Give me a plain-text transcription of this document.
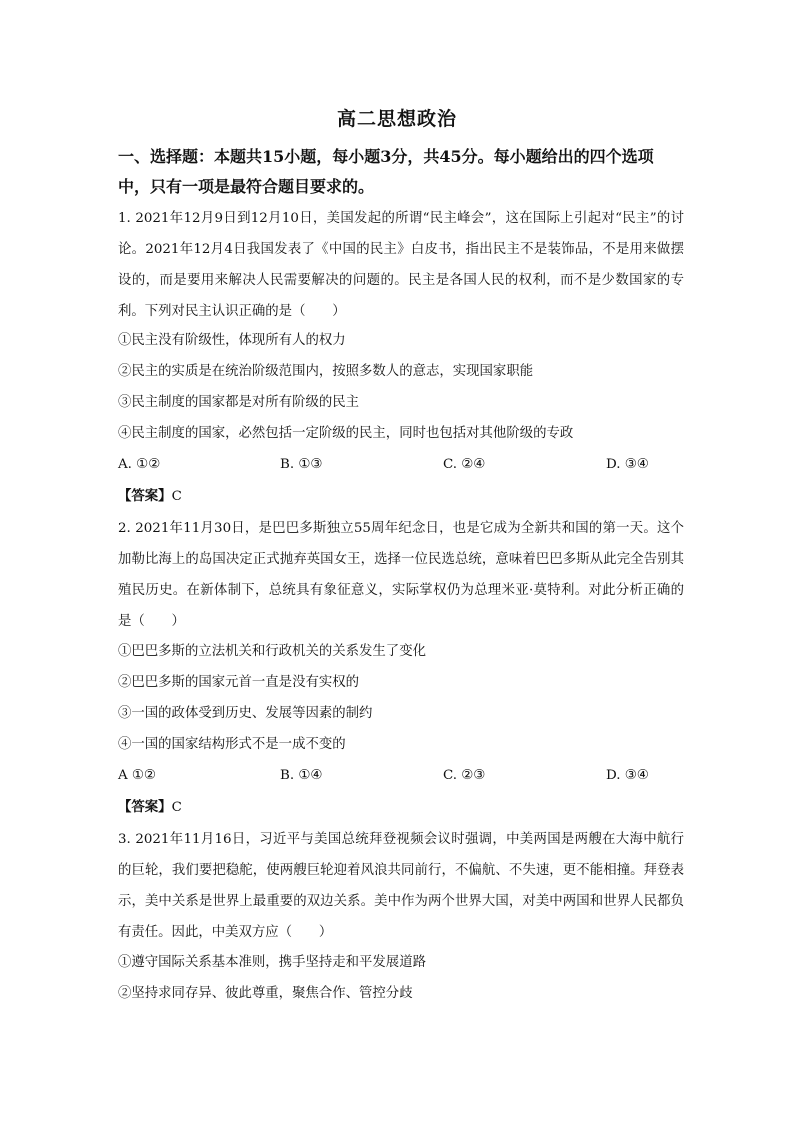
高二思想政治
一、选择题：本题共15小题，每小题3分，共45分。每小题给出的四个选项中，只有一项是最符合题目要求的。
1. 2021年12月9日到12月10日，美国发起的所谓“民主峰会”，这在国际上引起对“民主”的讨论。2021年12月4日我国发表了《中国的民主》白皮书，指出民主不是装饰品，不是用来做摆设的，而是要用来解决人民需要解决的问题的。民主是各国人民的权利，而不是少数国家的专利。下列对民主认识正确的是（　　）
①民主没有阶级性，体现所有人的权力
②民主的实质是在统治阶级范围内，按照多数人的意志，实现国家职能
③民主制度的国家都是对所有阶级的民主
④民主制度的国家，必然包括一定阶级的民主，同时也包括对其他阶级的专政
A. ①②	B. ①③	C. ②④	D. ③④
【答案】C
2. 2021年11月30日，是巴巴多斯独立55周年纪念日，也是它成为全新共和国的第一天。这个加勒比海上的岛国决定正式抛弃英国女王，选择一位民选总统，意味着巴巴多斯从此完全告别其殖民历史。在新体制下，总统具有象征意义，实际掌权仍为总理米亚·莫特利。对此分析正确的是（　　）
①巴巴多斯的立法机关和行政机关的关系发生了变化
②巴巴多斯的国家元首一直是没有实权的
③一国的政体受到历史、发展等因素的制约
④一国的国家结构形式不是一成不变的
A ①②	B. ①④	C. ②③	D. ③④
【答案】C
3. 2021年11月16日，习近平与美国总统拜登视频会议时强调，中美两国是两艘在大海中航行的巨轮，我们要把稳舵，使两艘巨轮迎着风浪共同前行，不偏航、不失速，更不能相撞。拜登表示，美中关系是世界上最重要的双边关系。美中作为两个世界大国，对美中两国和世界人民都负有责任。因此，中美双方应（　　）
①遵守国际关系基本准则，携手坚持走和平发展道路
②坚持求同存异、彼此尊重，聚焦合作、管控分歧
